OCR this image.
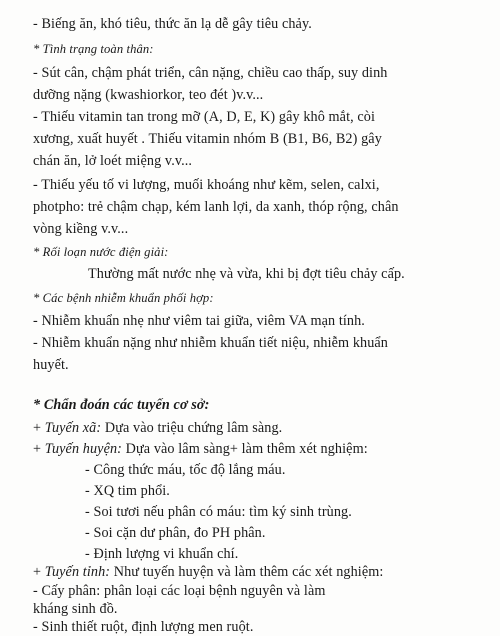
- Biếng ăn, khó tiêu, thức ăn lạ dễ gây tiêu chảy.
* Tình trạng toàn thân:
- Sút cân, chậm phát triển, cân nặng, chiều cao thấp, suy dinh
dưỡng nặng (kwashiorkor, teo đét )v.v...
- Thiếu vitamin tan trong mỡ (A, D, E, K) gây khô mắt, còi
xương, xuất huyết . Thiếu vitamin nhóm B (B1, B6, B2) gây
chán ăn, lở loét miệng v.v...
- Thiếu yếu tố vi lượng, muối khoáng như kẽm, selen, calxi,
photpho: trẻ chậm chạp, kém lanh lợi, da xanh, thóp rộng, chân
vòng kiềng v.v...
* Rối loạn nước điện giải:
Thường mất nước nhẹ và vừa, khi bị đợt tiêu chảy cấp.
* Các bệnh nhiễm khuẩn phối hợp:
- Nhiễm khuẩn nhẹ như viêm tai giữa, viêm VA mạn tính.
- Nhiễm khuẩn nặng như nhiễm khuẩn tiết niệu, nhiễm khuẩn
huyết.
* Chẩn đoán các tuyến cơ sở:
+ Tuyến xã: Dựa vào triệu chứng lâm sàng.
+ Tuyến huyện: Dựa vào lâm sàng+ làm thêm xét nghiệm:
- Công thức máu, tốc độ lắng máu.
- XQ tim phổi.
- Soi tươi nếu phân có máu: tìm ký sinh trùng.
- Soi cặn dư phân, đo PH phân.
- Định lượng vi khuẩn chí.
+ Tuyến tỉnh: Như tuyến huyện và làm thêm các xét nghiệm:
- Cấy phân: phân loại các loại bệnh nguyên và làm
kháng sinh đồ.
- Sinh thiết ruột, định lượng men ruột.
